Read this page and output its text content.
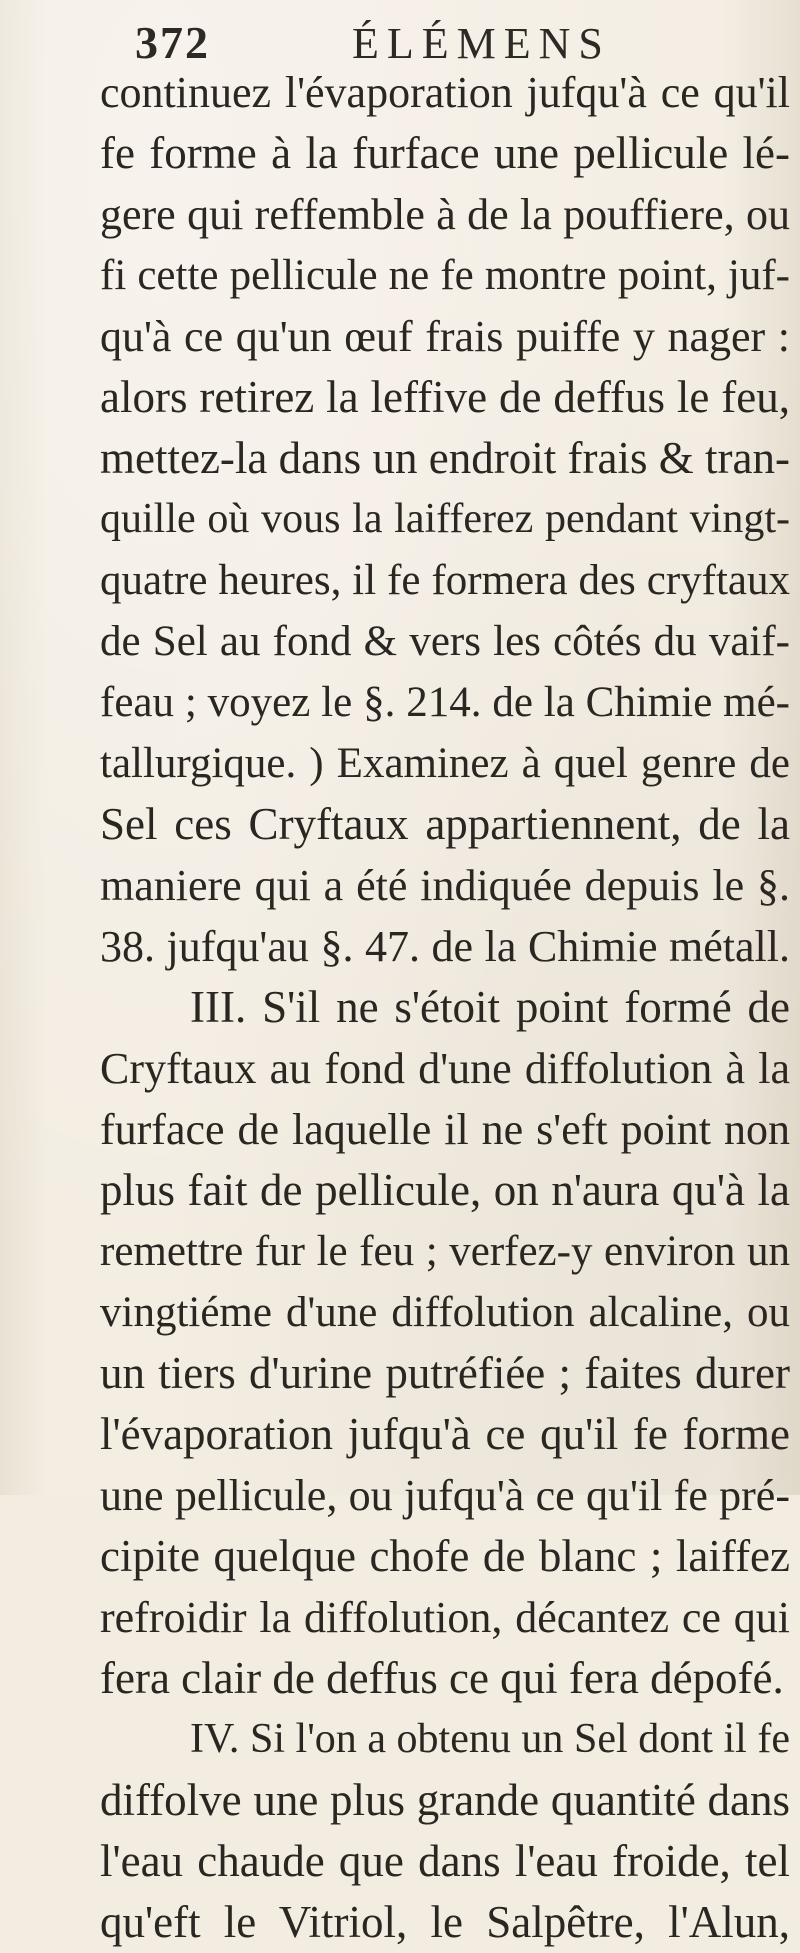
372	ÉLÉMENS
continuez l'évaporation jufqu'à ce qu'il
fe forme à la furface une pellicule lé-
gere qui reffemble à de la pouffiere, ou
fi cette pellicule ne fe montre point, juf-
qu'à ce qu'un œuf frais puiffe y nager :
alors retirez la leffive de deffus le feu,
mettez-la dans un endroit frais & tran-
quille où vous la laifferez pendant vingt-
quatre heures, il fe formera des cryftaux
de Sel au fond & vers les côtés du vaif-
feau ; voyez le §. 214. de la Chimie mé-
tallurgique. ) Examinez à quel genre de
Sel ces Cryftaux appartiennent, de la
maniere qui a été indiquée depuis le §.
38. jufqu'au §. 47. de la Chimie métall.
III. S'il ne s'étoit point formé de
Cryftaux au fond d'une diffolution à la
furface de laquelle il ne s'eft point non
plus fait de pellicule, on n'aura qu'à la
remettre fur le feu ; verfez-y environ un
vingtiéme d'une diffolution alcaline, ou
un tiers d'urine putréfiée ; faites durer
l'évaporation jufqu'à ce qu'il fe forme
une pellicule, ou jufqu'à ce qu'il fe pré-
cipite quelque chofe de blanc ; laiffez
refroidir la diffolution, décantez ce qui
fera clair de deffus ce qui fera dépofé.
IV. Si l'on a obtenu un Sel dont il fe
diffolve une plus grande quantité dans
l'eau chaude que dans l'eau froide, tel
qu'eft le Vitriol, le Salpêtre, l'Alun,
